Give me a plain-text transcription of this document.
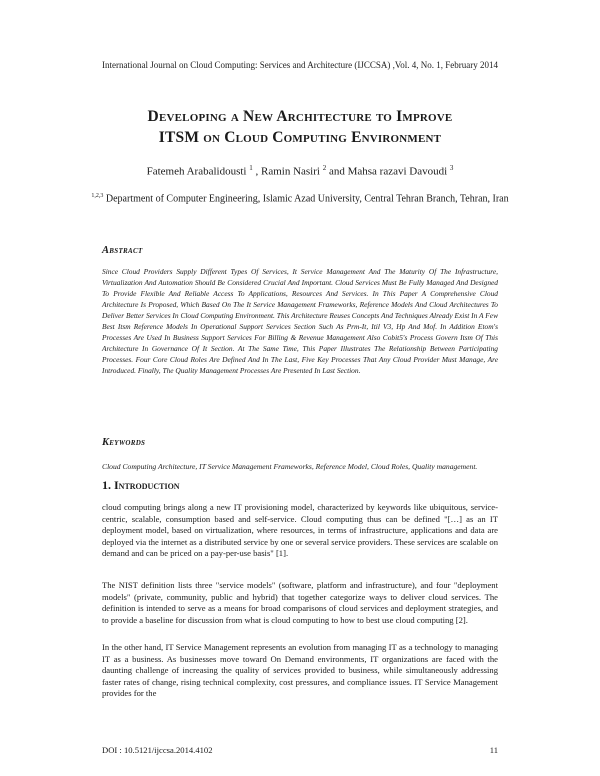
International Journal on Cloud Computing: Services and Architecture (IJCCSA) ,Vol. 4, No. 1, February 2014
Developing a New Architecture to Improve
ITSM on Cloud Computing Environment
Fatemeh Arabalidousti $^1$ , Ramin Nasiri $^2$ and Mahsa razavi Davoudi $^3$
$^{1,2,3}$ Department of Computer Engineering, Islamic Azad University, Central Tehran Branch, Tehran, Iran
Abstract
Since Cloud Providers Supply Different Types Of Services, It Service Management And The Maturity Of The Infrastructure, Virtualization And Automation Should Be Considered Crucial And Important. Cloud Services Must Be Fully Managed And Designed To Provide Flexible And Reliable Access To Applications, Resources And Services. In This Paper A Comprehensive Cloud Architecture Is Proposed, Which Based On The It Service Management Frameworks, Reference Models And Cloud Architectures To Deliver Better Services In Cloud Computing Environment. This Architecture Reuses Concepts And Techniques Already Exist In A Few Best Itsm Reference Models In Operational Support Services Section Such As Prm-It, Itil V3, Hp And Mof. In Addition Etom's Processes Are Used In Business Support Services For Billing & Revenue Management Also Cobit5's Process Govern Itsm Of This Architecture In Governance Of It Section. At The Same Time, This Paper Illustrates The Relationship Between Participating Processes. Four Core Cloud Roles Are Defined And In The Last, Five Key Processes That Any Cloud Provider Must Manage, Are Introduced. Finally, The Quality Management Processes Are Presented In Last Section.
Keywords
Cloud Computing Architecture, IT Service Management Frameworks, Reference Model, Cloud Roles, Quality management.
1. Introduction
cloud computing brings along a new IT provisioning model, characterized by keywords like ubiquitous, service-centric, scalable, consumption based and self-service. Cloud computing thus can be defined "[…] as an IT deployment model, based on virtualization, where resources, in terms of infrastructure, applications and data are deployed via the internet as a distributed service by one or several service providers. These services are scalable on demand and can be priced on a pay-per-use basis" [1].
The NIST definition lists three "service models" (software, platform and infrastructure), and four "deployment models" (private, community, public and hybrid) that together categorize ways to deliver cloud services. The definition is intended to serve as a means for broad comparisons of cloud services and deployment strategies, and to provide a baseline for discussion from what is cloud computing to how to best use cloud computing [2].
In the other hand, IT Service Management represents an evolution from managing IT as a technology to managing IT as a business. As businesses move toward On Demand environments, IT organizations are faced with the daunting challenge of increasing the quality of services provided to business, while simultaneously addressing faster rates of change, rising technical complexity, cost pressures, and compliance issues. IT Service Management provides for the
DOI : 10.5121/ijccsa.2014.4102	11
